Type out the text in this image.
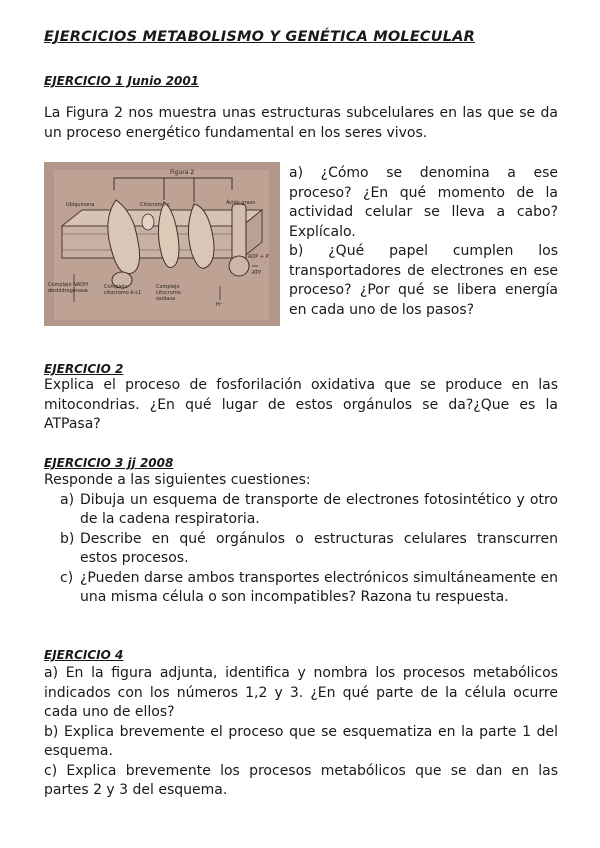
EJERCICIOS METABOLISMO Y GENÉTICA MOLECULAR
EJERCICIO 1 Junio 2001

La Figura 2 nos muestra unas estructuras subcelulares en las que se da un proceso energético fundamental en los seres vivos.

Figura 2
Ubiquinona	Citocromo c	Ácido graso
ADP + P
ATP
H⁺
Complejo NADH deshidrogenasa
Complejo citocromo b-c1
Complejo citocromo oxidasa

a) ¿Cómo se denomina a ese proceso? ¿En qué momento de la actividad celular se lleva a cabo? Explícalo.

b) ¿Qué papel cumplen los transportadores de electrones en ese proceso? ¿Por qué se libera energía en cada uno de los pasos?

EJERCICIO 2

Explica el proceso de fosforilación oxidativa que se produce en las mitocondrias. ¿En qué lugar de estos orgánulos se da?¿Que es la ATPasa?

EJERCICIO 3 jj 2008

Responde a las siguientes cuestiones:

a) Dibuja un esquema de transporte de electrones fotosintético y otro de la cadena respiratoria.
b) Describe en qué orgánulos o estructuras celulares transcurren estos procesos.
c) ¿Pueden darse ambos transportes electrónicos simultáneamente en una misma célula o son incompatibles? Razona tu respuesta.
EJERCICIO 4

a) En la figura adjunta, identifica y nombra los procesos metabólicos indicados con los números 1,2 y 3. ¿En qué parte de la célula ocurre cada uno de ellos?

b) Explica brevemente el proceso que se esquematiza en la parte 1 del esquema.

c) Explica brevemente los procesos metabólicos que se dan en las partes 2 y 3 del esquema.
